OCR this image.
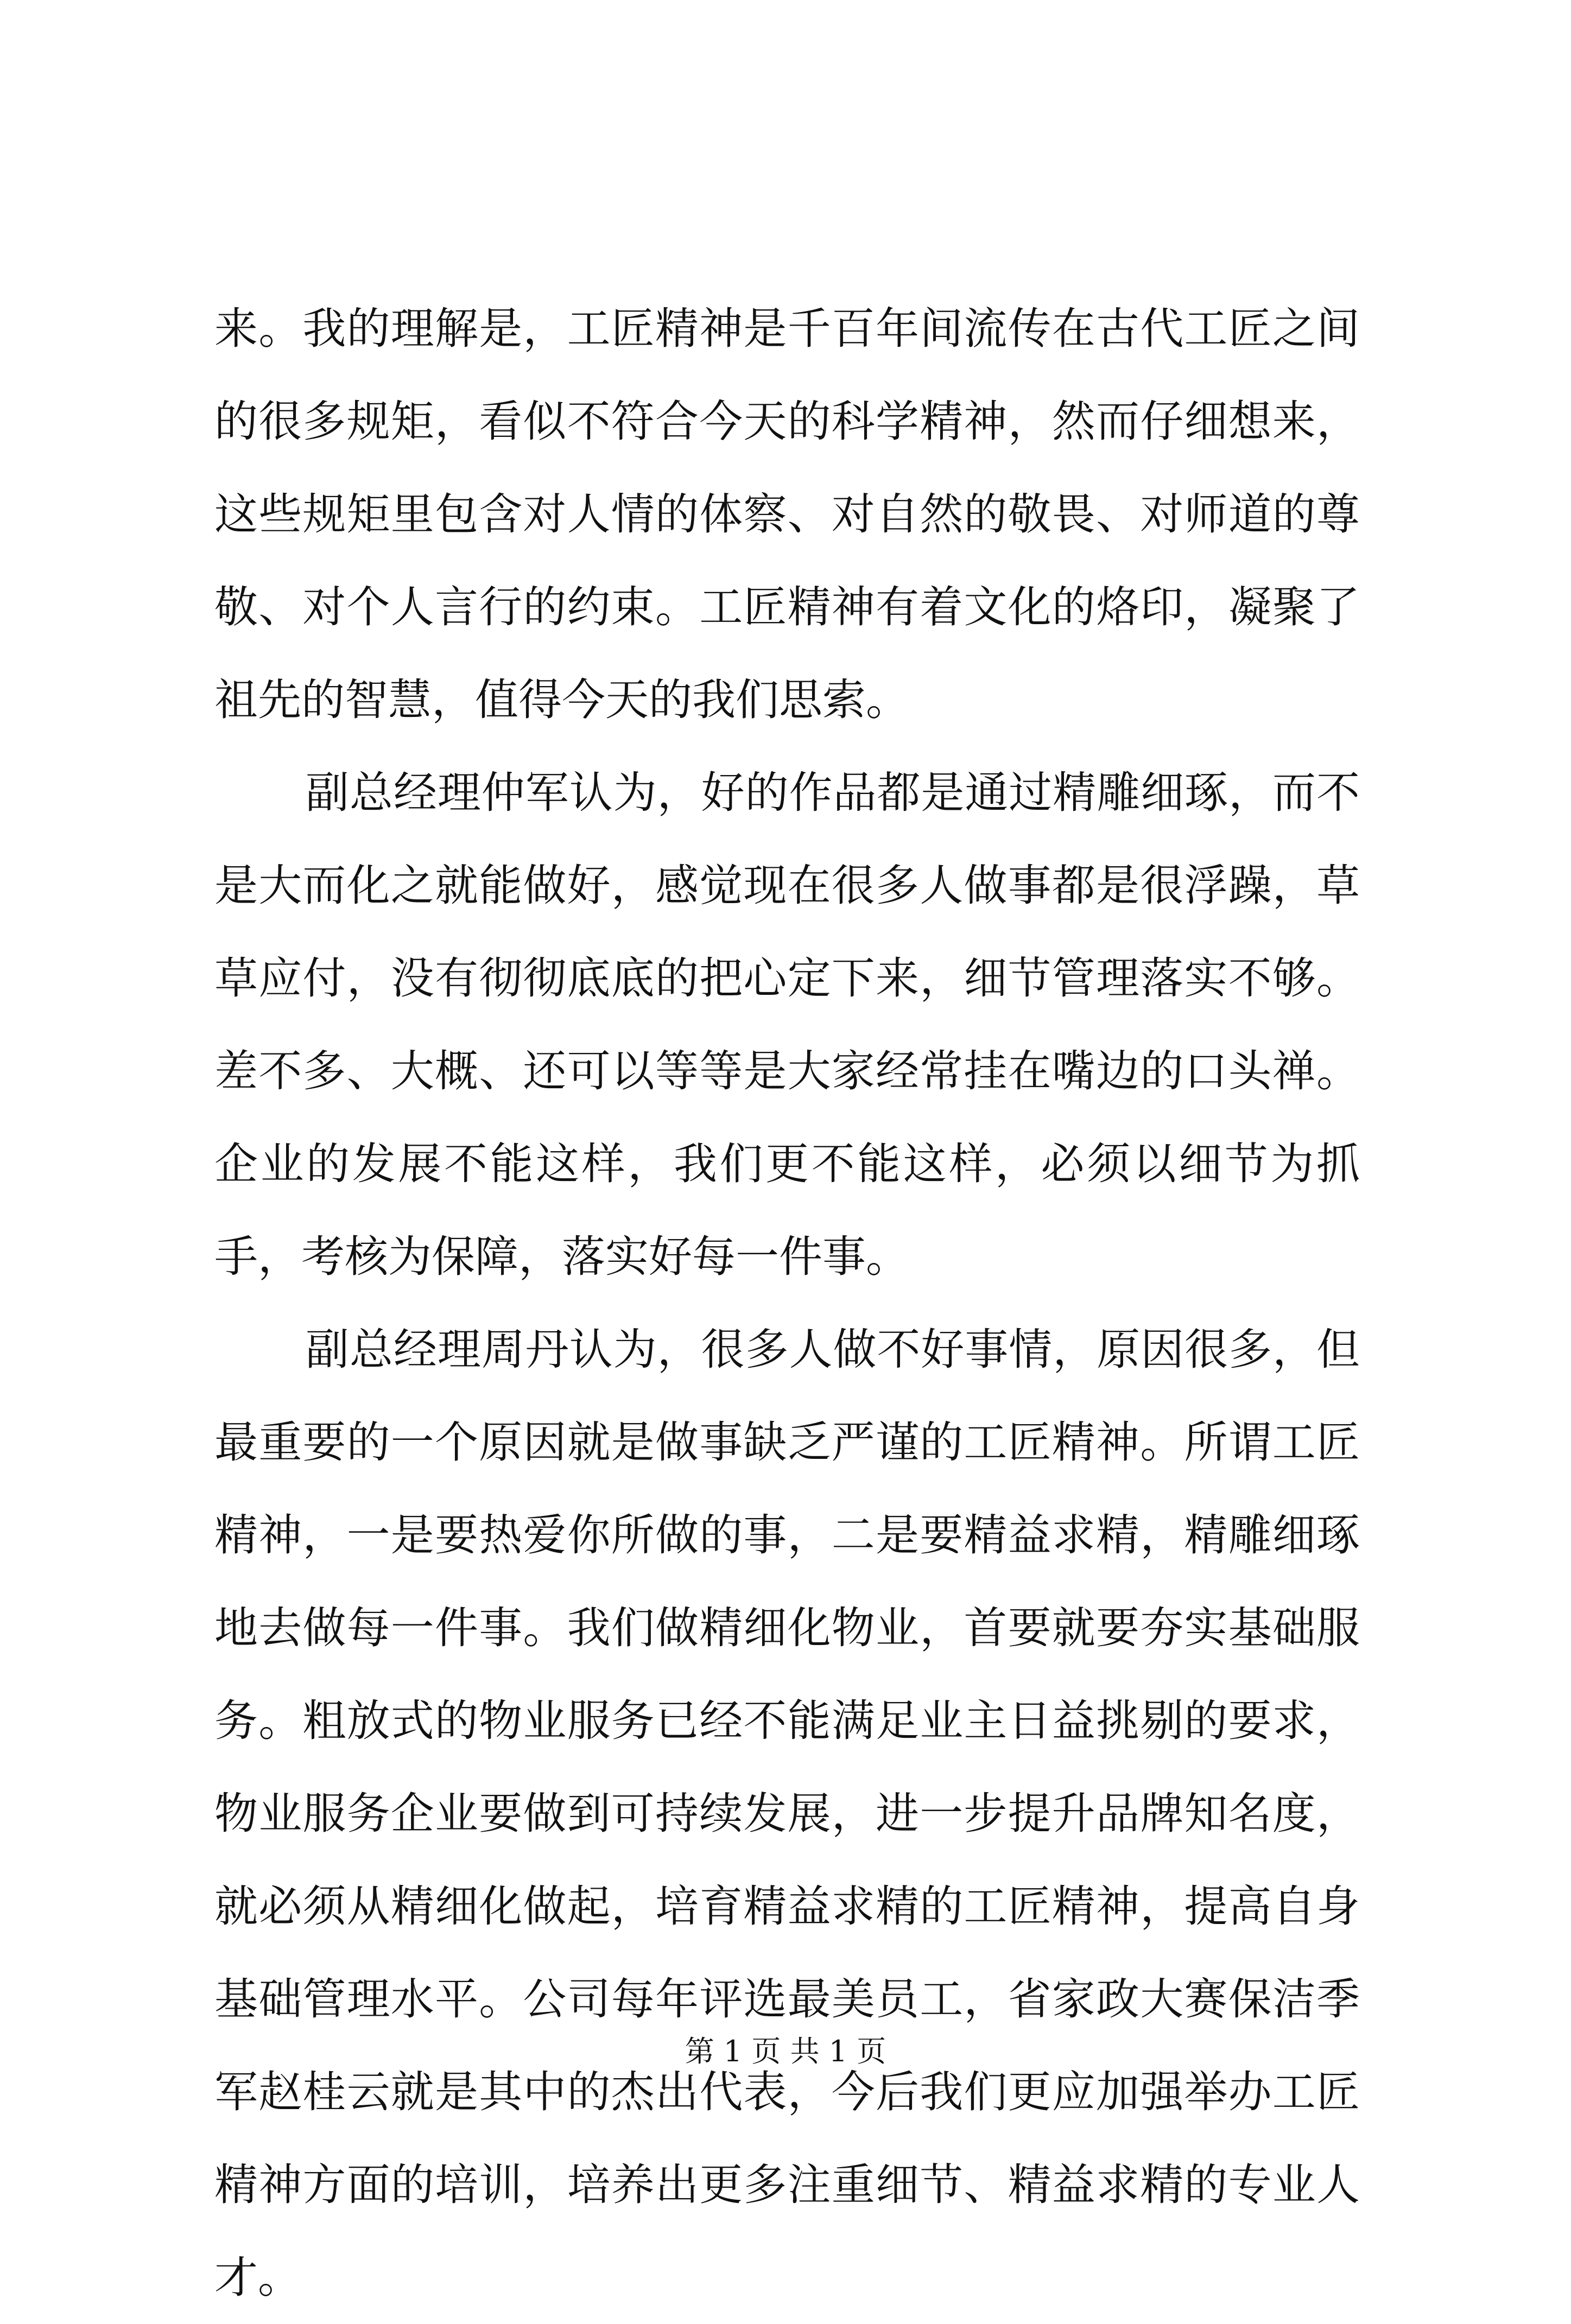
来。我的理解是，工匠精神是千百年间流传在古代工匠之间的很多规矩，看似不符合今天的科学精神，然而仔细想来，这些规矩里包含对人情的体察、对自然的敬畏、对师道的尊敬、对个人言行的约束。工匠精神有着文化的烙印，凝聚了祖先的智慧，值得今天的我们思索。

副总经理仲军认为，好的作品都是通过精雕细琢，而不是大而化之就能做好，感觉现在很多人做事都是很浮躁，草草应付，没有彻彻底底的把心定下来，细节管理落实不够。差不多、大概、还可以等等是大家经常挂在嘴边的口头禅。企业的发展不能这样，我们更不能这样，必须以细节为抓手，考核为保障，落实好每一件事。

副总经理周丹认为，很多人做不好事情，原因很多，但最重要的一个原因就是做事缺乏严谨的工匠精神。所谓工匠精神，一是要热爱你所做的事，二是要精益求精，精雕细琢地去做每一件事。我们做精细化物业，首要就要夯实基础服务。粗放式的物业服务已经不能满足业主日益挑剔的要求，物业服务企业要做到可持续发展，进一步提升品牌知名度，就必须从精细化做起，培育精益求精的工匠精神，提高自身基础管理水平。公司每年评选最美员工，省家政大赛保洁季军赵桂云就是其中的杰出代表，今后我们更应加强举办工匠精神方面的培训，培养出更多注重细节、精益求精的专业人才。

第 1 页 共 1 页
